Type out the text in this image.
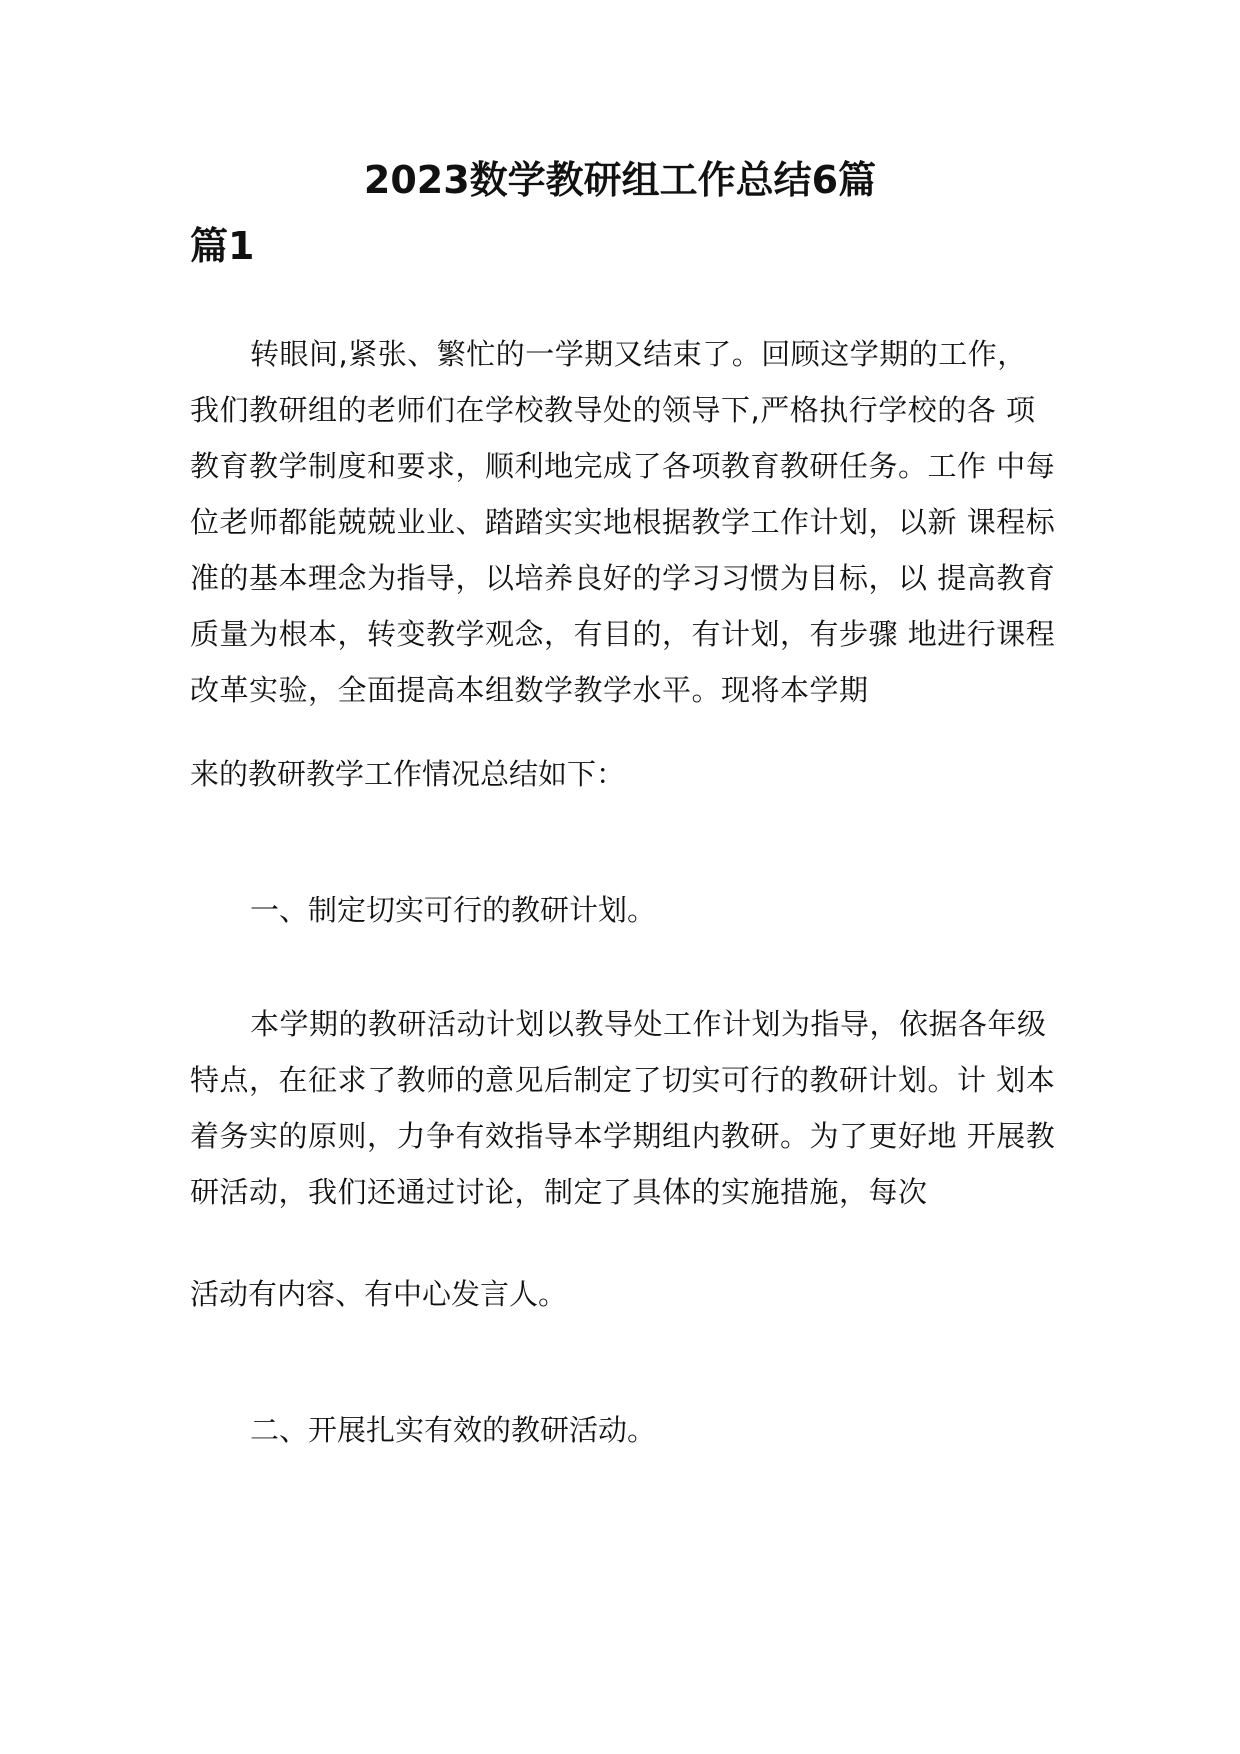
2023数学教研组工作总结6篇
篇1
转眼间,紧张、繁忙的一学期又结束了。回顾这学期的工作， 我们教研组的老师们在学校教导处的领导下,严格执行学校的各 项教育教学制度和要求，顺利地完成了各项教育教研任务。工作 中每位老师都能兢兢业业、踏踏实实地根据教学工作计划，以新 课程标准的基本理念为指导，以培养良好的学习习惯为目标，以 提高教育质量为根本，转变教学观念，有目的，有计划，有步骤 地进行课程改革实验，全面提高本组数学教学水平。现将本学期
来的教研教学工作情况总结如下：
一、制定切实可行的教研计划。
本学期的教研活动计划以教导处工作计划为指导，依据各年级特点，在征求了教师的意见后制定了切实可行的教研计划。计 划本着务实的原则，力争有效指导本学期组内教研。为了更好地 开展教研活动，我们还通过讨论，制定了具体的实施措施，每次
活动有内容、有中心发言人。
二、开展扎实有效的教研活动。
